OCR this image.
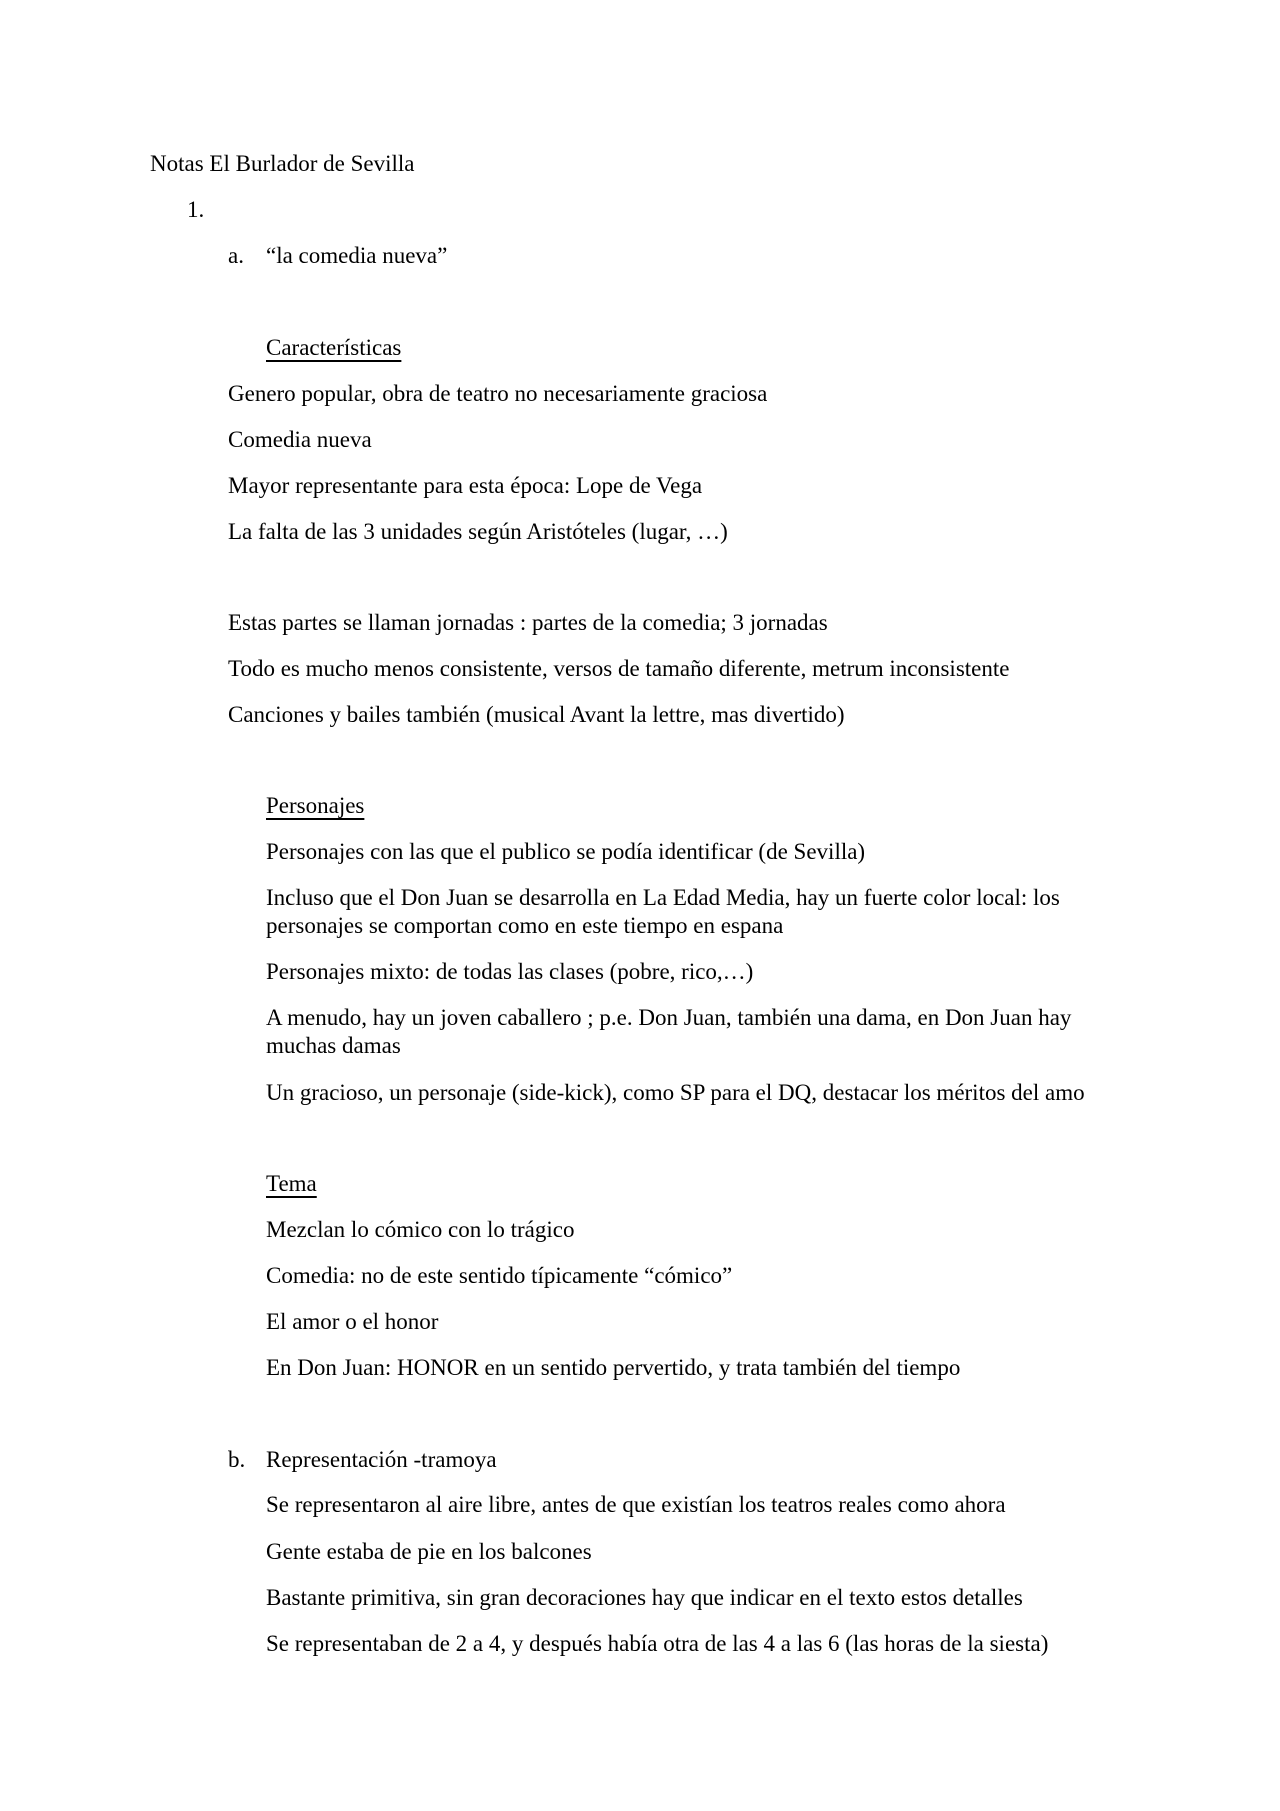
Notas El Burlador de Sevilla
1.
a. “la comedia nueva”
Características
Genero popular, obra de teatro no necesariamente graciosa
Comedia nueva
Mayor representante para esta época: Lope de Vega
La falta de las 3 unidades según Aristóteles (lugar, …)
Estas partes se llaman jornadas : partes de la comedia; 3 jornadas
Todo es mucho menos consistente, versos de tamaño diferente, metrum inconsistente
Canciones y bailes también (musical Avant la lettre, mas divertido)
Personajes
Personajes con las que el publico se podía identificar (de Sevilla)
Incluso que el Don Juan se desarrolla en La Edad Media, hay un fuerte color local: los
personajes se comportan como en este tiempo en espana
Personajes mixto: de todas las clases (pobre, rico,…)
A menudo, hay un joven caballero ; p.e. Don Juan, también una dama, en Don Juan hay
muchas damas
Un gracioso, un personaje (side-kick), como SP para el DQ, destacar los méritos del amo
Tema
Mezclan lo cómico con lo trágico
Comedia: no de este sentido típicamente “cómico”
El amor o el honor
En Don Juan: HONOR en un sentido pervertido, y trata también del tiempo
b. Representación -tramoya
Se representaron al aire libre, antes de que existían los teatros reales como ahora
Gente estaba de pie en los balcones
Bastante primitiva, sin gran decoraciones hay que indicar en el texto estos detalles
Se representaban de 2 a 4, y después había otra de las 4 a las 6 (las horas de la siesta)
